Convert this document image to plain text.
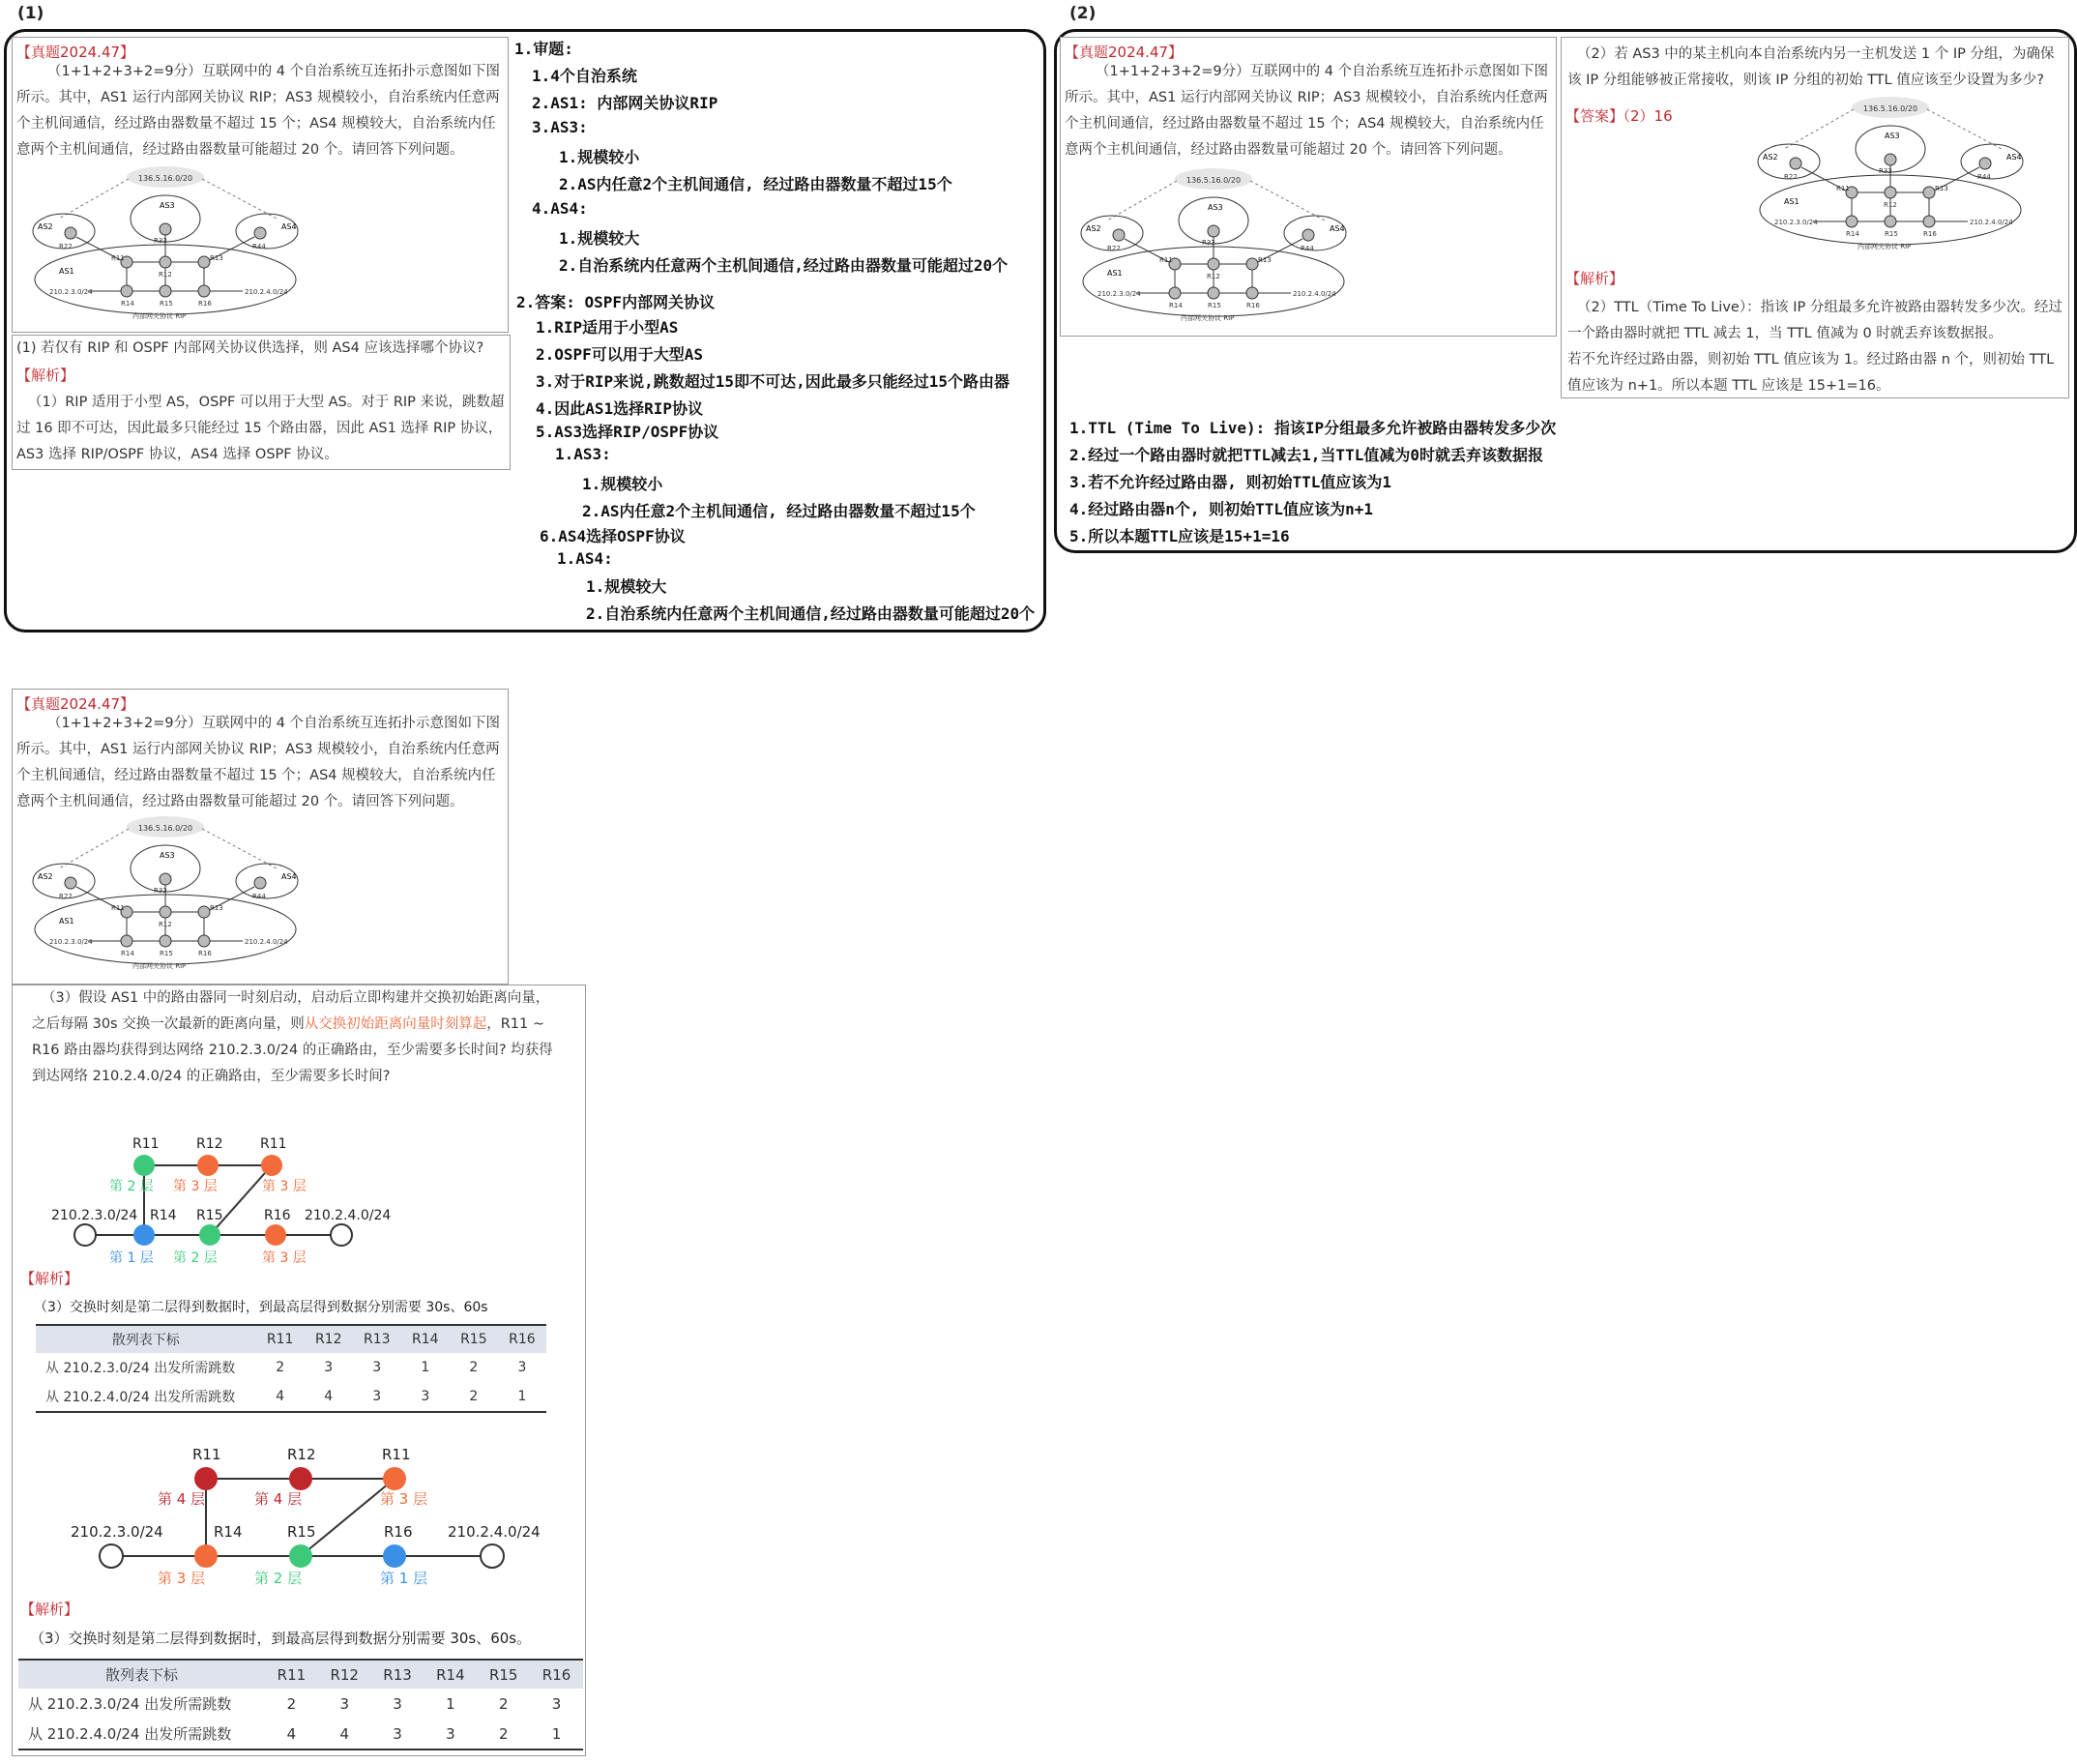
(1)
【真题2024.47】
（1+1+2+3+2=9分）互联网中的 4 个自治系统互连拓扑示意图如下图所示。其中，AS1 运行内部网关协议 RIP；AS3 规模较小，自治系统内任意两个主机间通信，经过路由器数量不超过 15 个；AS4 规模较大，自治系统内任意两个主机间通信，经过路由器数量可能超过 20 个。请回答下列问题。
136.5.16.0/20
AS2
AS3
AS4
AS1
R22
R33
R44
R11
R12
R13
R14	R15	R16
210.2.3.0/24	210.2.4.0/24
内部网关协议 RIP
(1) 若仅有 RIP 和 OSPF 内部网关协议供选择，则 AS4 应该选择哪个协议?
【解析】
（1）RIP 适用于小型 AS，OSPF 可以用于大型 AS。对于 RIP 来说，跳数超过 16 即不可达，因此最多只能经过 15 个路由器，因此 AS1 选择 RIP 协议，AS3 选择 RIP/OSPF 协议，AS4 选择 OSPF 协议。
1.审题:
1.4个自治系统
2.AS1: 内部网关协议RIP
3.AS3:
1.规模较小
2.AS内任意2个主机间通信, 经过路由器数量不超过15个
4.AS4:
1.规模较大
2.自治系统内任意两个主机间通信,经过路由器数量可能超过20个
2.答案: OSPF内部网关协议
1.RIP适用于小型AS
2.OSPF可以用于大型AS
3.对于RIP来说,跳数超过15即不可达,因此最多只能经过15个路由器
4.因此AS1选择RIP协议
5.AS3选择RIP/OSPF协议
1.AS3:
1.规模较小
2.AS内任意2个主机间通信, 经过路由器数量不超过15个
6.AS4选择OSPF协议
1.AS4:
1.规模较大
2.自治系统内任意两个主机间通信,经过路由器数量可能超过20个
(2)
【真题2024.47】
（1+1+2+3+2=9分）互联网中的 4 个自治系统互连拓扑示意图如下图所示。其中，AS1 运行内部网关协议 RIP；AS3 规模较小，自治系统内任意两个主机间通信，经过路由器数量不超过 15 个；AS4 规模较大，自治系统内任意两个主机间通信，经过路由器数量可能超过 20 个。请回答下列问题。
136.5.16.0/20
AS2
AS3
AS4
AS1
R22
R33
R44
R11
R12
R13
R14	R15	R16
210.2.3.0/24	210.2.4.0/24
内部网关协议 RIP
（2）若 AS3 中的某主机向本自治系统内另一主机发送 1 个 IP 分组，为确保该 IP 分组能够被正常接收，则该 IP 分组的初始 TTL 值应该至少设置为多少?
【答案】
（2）16	136.5.16.0/20
AS2
AS3
AS4
AS1
R22
R33
R44
R11
R12
R13
R14	R15	R16
210.2.3.0/24	210.2.4.0/24
内部网关协议 RIP
【解析】
（2）TTL（Time To Live）：指该 IP 分组最多允许被路由器转发多少次。经过一个路由器时就把 TTL 减去 1，当 TTL 值减为 0 时就丢弃该数据报。
若不允许经过路由器，则初始 TTL 值应该为 1。经过路由器 n 个，则初始 TTL 值应该为 n+1。所以本题 TTL 应该是 15+1=16。
1.TTL (Time To Live): 指该IP分组最多允许被路由器转发多少次
2.经过一个路由器时就把TTL减去1,当TTL值减为0时就丢弃该数据报
3.若不允许经过路由器, 则初始TTL值应该为1
4.经过路由器n个, 则初始TTL值应该为n+1
5.所以本题TTL应该是15+1=16
【真题2024.47】
（1+1+2+3+2=9分）互联网中的 4 个自治系统互连拓扑示意图如下图所示。其中，AS1 运行内部网关协议 RIP；AS3 规模较小，自治系统内任意两个主机间通信，经过路由器数量不超过 15 个；AS4 规模较大，自治系统内任意两个主机间通信，经过路由器数量可能超过 20 个。请回答下列问题。
136.5.16.0/20
AS2
AS3
AS4
AS1
R22
R33
R44
R11
R12
R13
R14	R15	R16
210.2.3.0/24	210.2.4.0/24
内部网关协议 RIP
（3）假设 AS1 中的路由器同一时刻启动，启动后立即构建并交换初始距离向量，之后每隔 30s 交换一次最新的距离向量，则从交换初始距离向量时刻算起，R11 ~ R16 路由器均获得到达网络 210.2.3.0/24 的正确路由，至少需要多长时间? 均获得到达网络 210.2.4.0/24 的正确路由，至少需要多长时间?
R11	R12	R11
R14 R15	R16
210.2.3.0/24	210.2.4.0/24
第 2 层 第 3 层	第 3 层
第 1 层 第 2 层	第 3 层
【解析】
（3）交换时刻是第二层得到数据时，到最高层得到数据分别需要 30s、60s
散列表下标	R11	R12	R13	R14	R15	R16
从 210.2.3.0/24 出发所需跳数	2	3	3	1	2	3
从 210.2.4.0/24 出发所需跳数	4	4	3	3	2	1
R11	R12	R11
R14	R15	R16
210.2.3.0/24	210.2.4.0/24
第 4 层	第 4 层	第 3 层
第 3 层	第 2 层	第 1 层
【解析】
（3）交换时刻是第二层得到数据时，到最高层得到数据分别需要 30s、60s。
散列表下标	R11	R12	R13	R14	R15	R16
从 210.2.3.0/24 出发所需跳数	2	3	3	1	2	3
从 210.2.4.0/24 出发所需跳数	4	4	3	3	2	1
